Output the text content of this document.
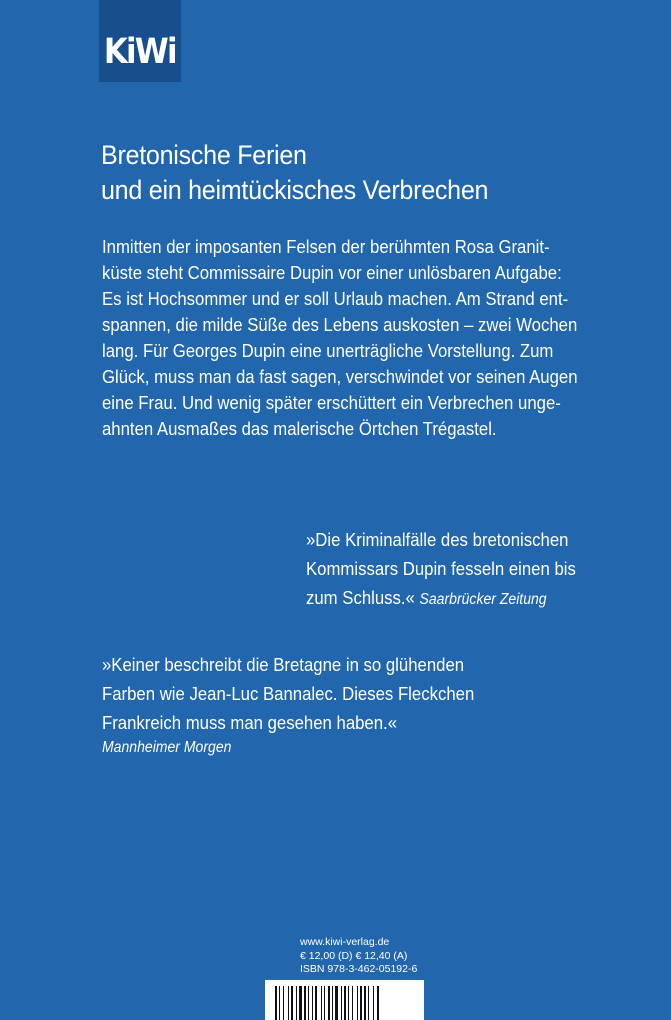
KiWi
Bretonische Ferien
und ein heimtückisches Verbrechen
Inmitten der imposanten Felsen der berühmten Rosa Granit-
küste steht Commissaire Dupin vor einer unlösbaren Aufgabe:
Es ist Hochsommer und er soll Urlaub machen. Am Strand ent-
spannen, die milde Süße des Lebens auskosten – zwei Wochen
lang. Für Georges Dupin eine unerträgliche Vorstellung. Zum
Glück, muss man da fast sagen, verschwindet vor seinen Augen
eine Frau. Und wenig später erschüttert ein Verbrechen unge-
ahnten Ausmaßes das malerische Örtchen Trégastel.
»Die Kriminalfälle des bretonischen
Kommissars Dupin fesseln einen bis
zum Schluss.« Saarbrücker Zeitung
»Keiner beschreibt die Bretagne in so glühenden
Farben wie Jean-Luc Bannalec. Dieses Fleckchen
Frankreich muss man gesehen haben.«
Mannheimer Morgen
www.kiwi-verlag.de
€ 12,00 (D) € 12,40 (A)
ISBN 978-3-462-05192-6
